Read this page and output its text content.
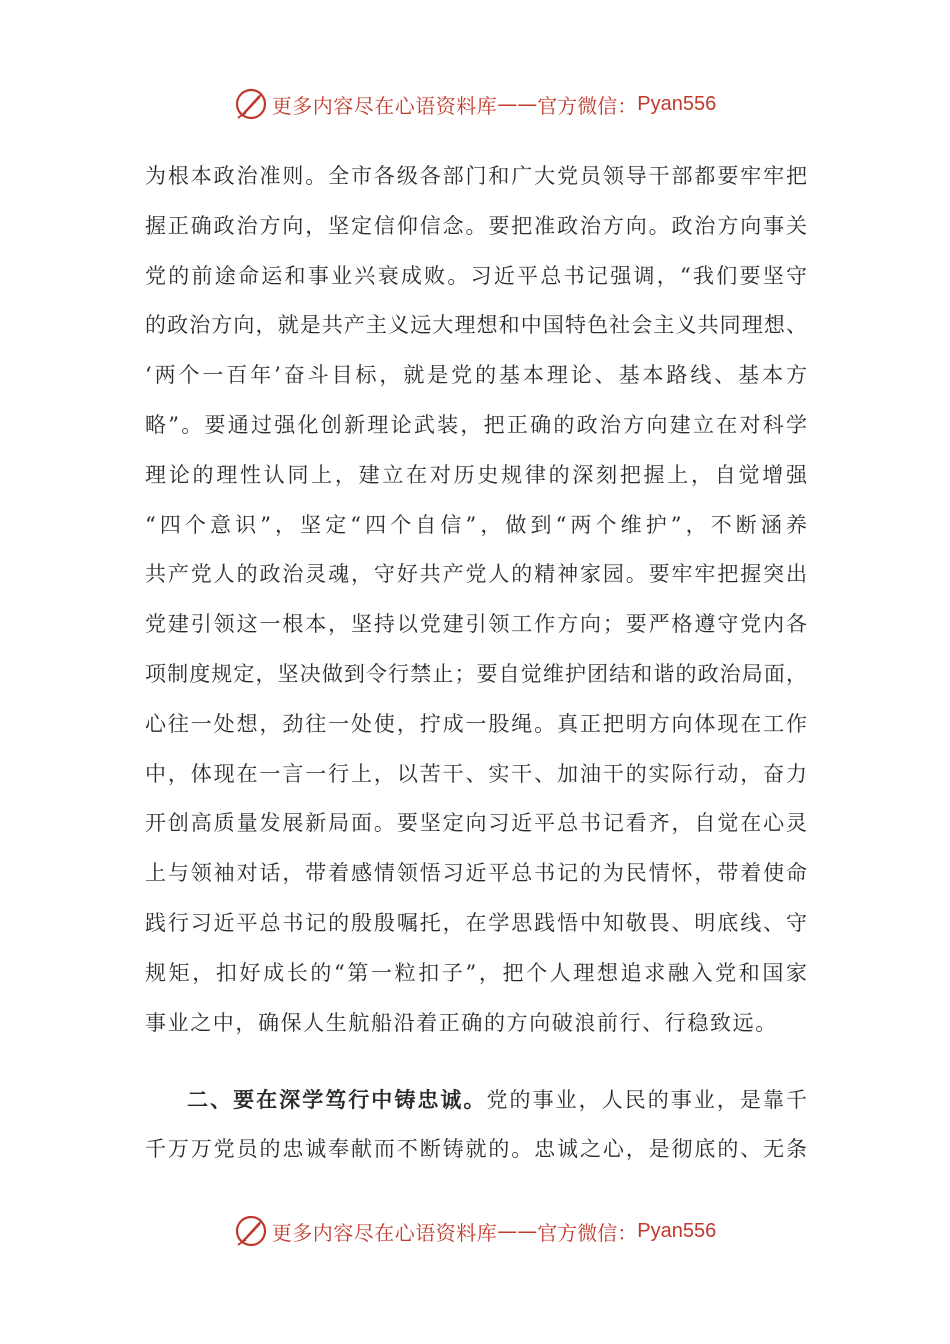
更多内容尽在心语资料库 —— 官方微信： Pyan556
为根本政治准则。全市各级各部门和广大党员领导干部都要牢牢把
握正确政治方向，坚定信仰信念。要把准政治方向。政治方向事关
党的前途命运和事业兴衰成败。习近平总书记强调，“我们要坚守
的政治方向，就是共产主义远大理想和中国特色社会主义共同理想、
‘两个一百年’奋斗目标，就是党的基本理论、基本路线、基本方
略”。要通过强化创新理论武装，把正确的政治方向建立在对科学
理论的理性认同上，建立在对历史规律的深刻把握上，自觉增强
“四个意识”，坚定“四个自信”，做到“两个维护”，不断涵养
共产党人的政治灵魂，守好共产党人的精神家园。要牢牢把握突出
党建引领这一根本，坚持以党建引领工作方向；要严格遵守党内各
项制度规定，坚决做到令行禁止；要自觉维护团结和谐的政治局面，
心往一处想，劲往一处使，拧成一股绳。真正把明方向体现在工作
中，体现在一言一行上，以苦干、实干、加油干的实际行动，奋力
开创高质量发展新局面。要坚定向习近平总书记看齐，自觉在心灵
上与领袖对话，带着感情领悟习近平总书记的为民情怀，带着使命
践行习近平总书记的殷殷嘱托，在学思践悟中知敬畏、明底线、守
规矩，扣好成长的“第一粒扣子”，把个人理想追求融入党和国家
事业之中，确保人生航船沿着正确的方向破浪前行、行稳致远。
二、要在深学笃行中铸忠诚。党的事业，人民的事业，是靠千
千万万党员的忠诚奉献而不断铸就的。忠诚之心，是彻底的、无条
更多内容尽在心语资料库 —— 官方微信： Pyan556
